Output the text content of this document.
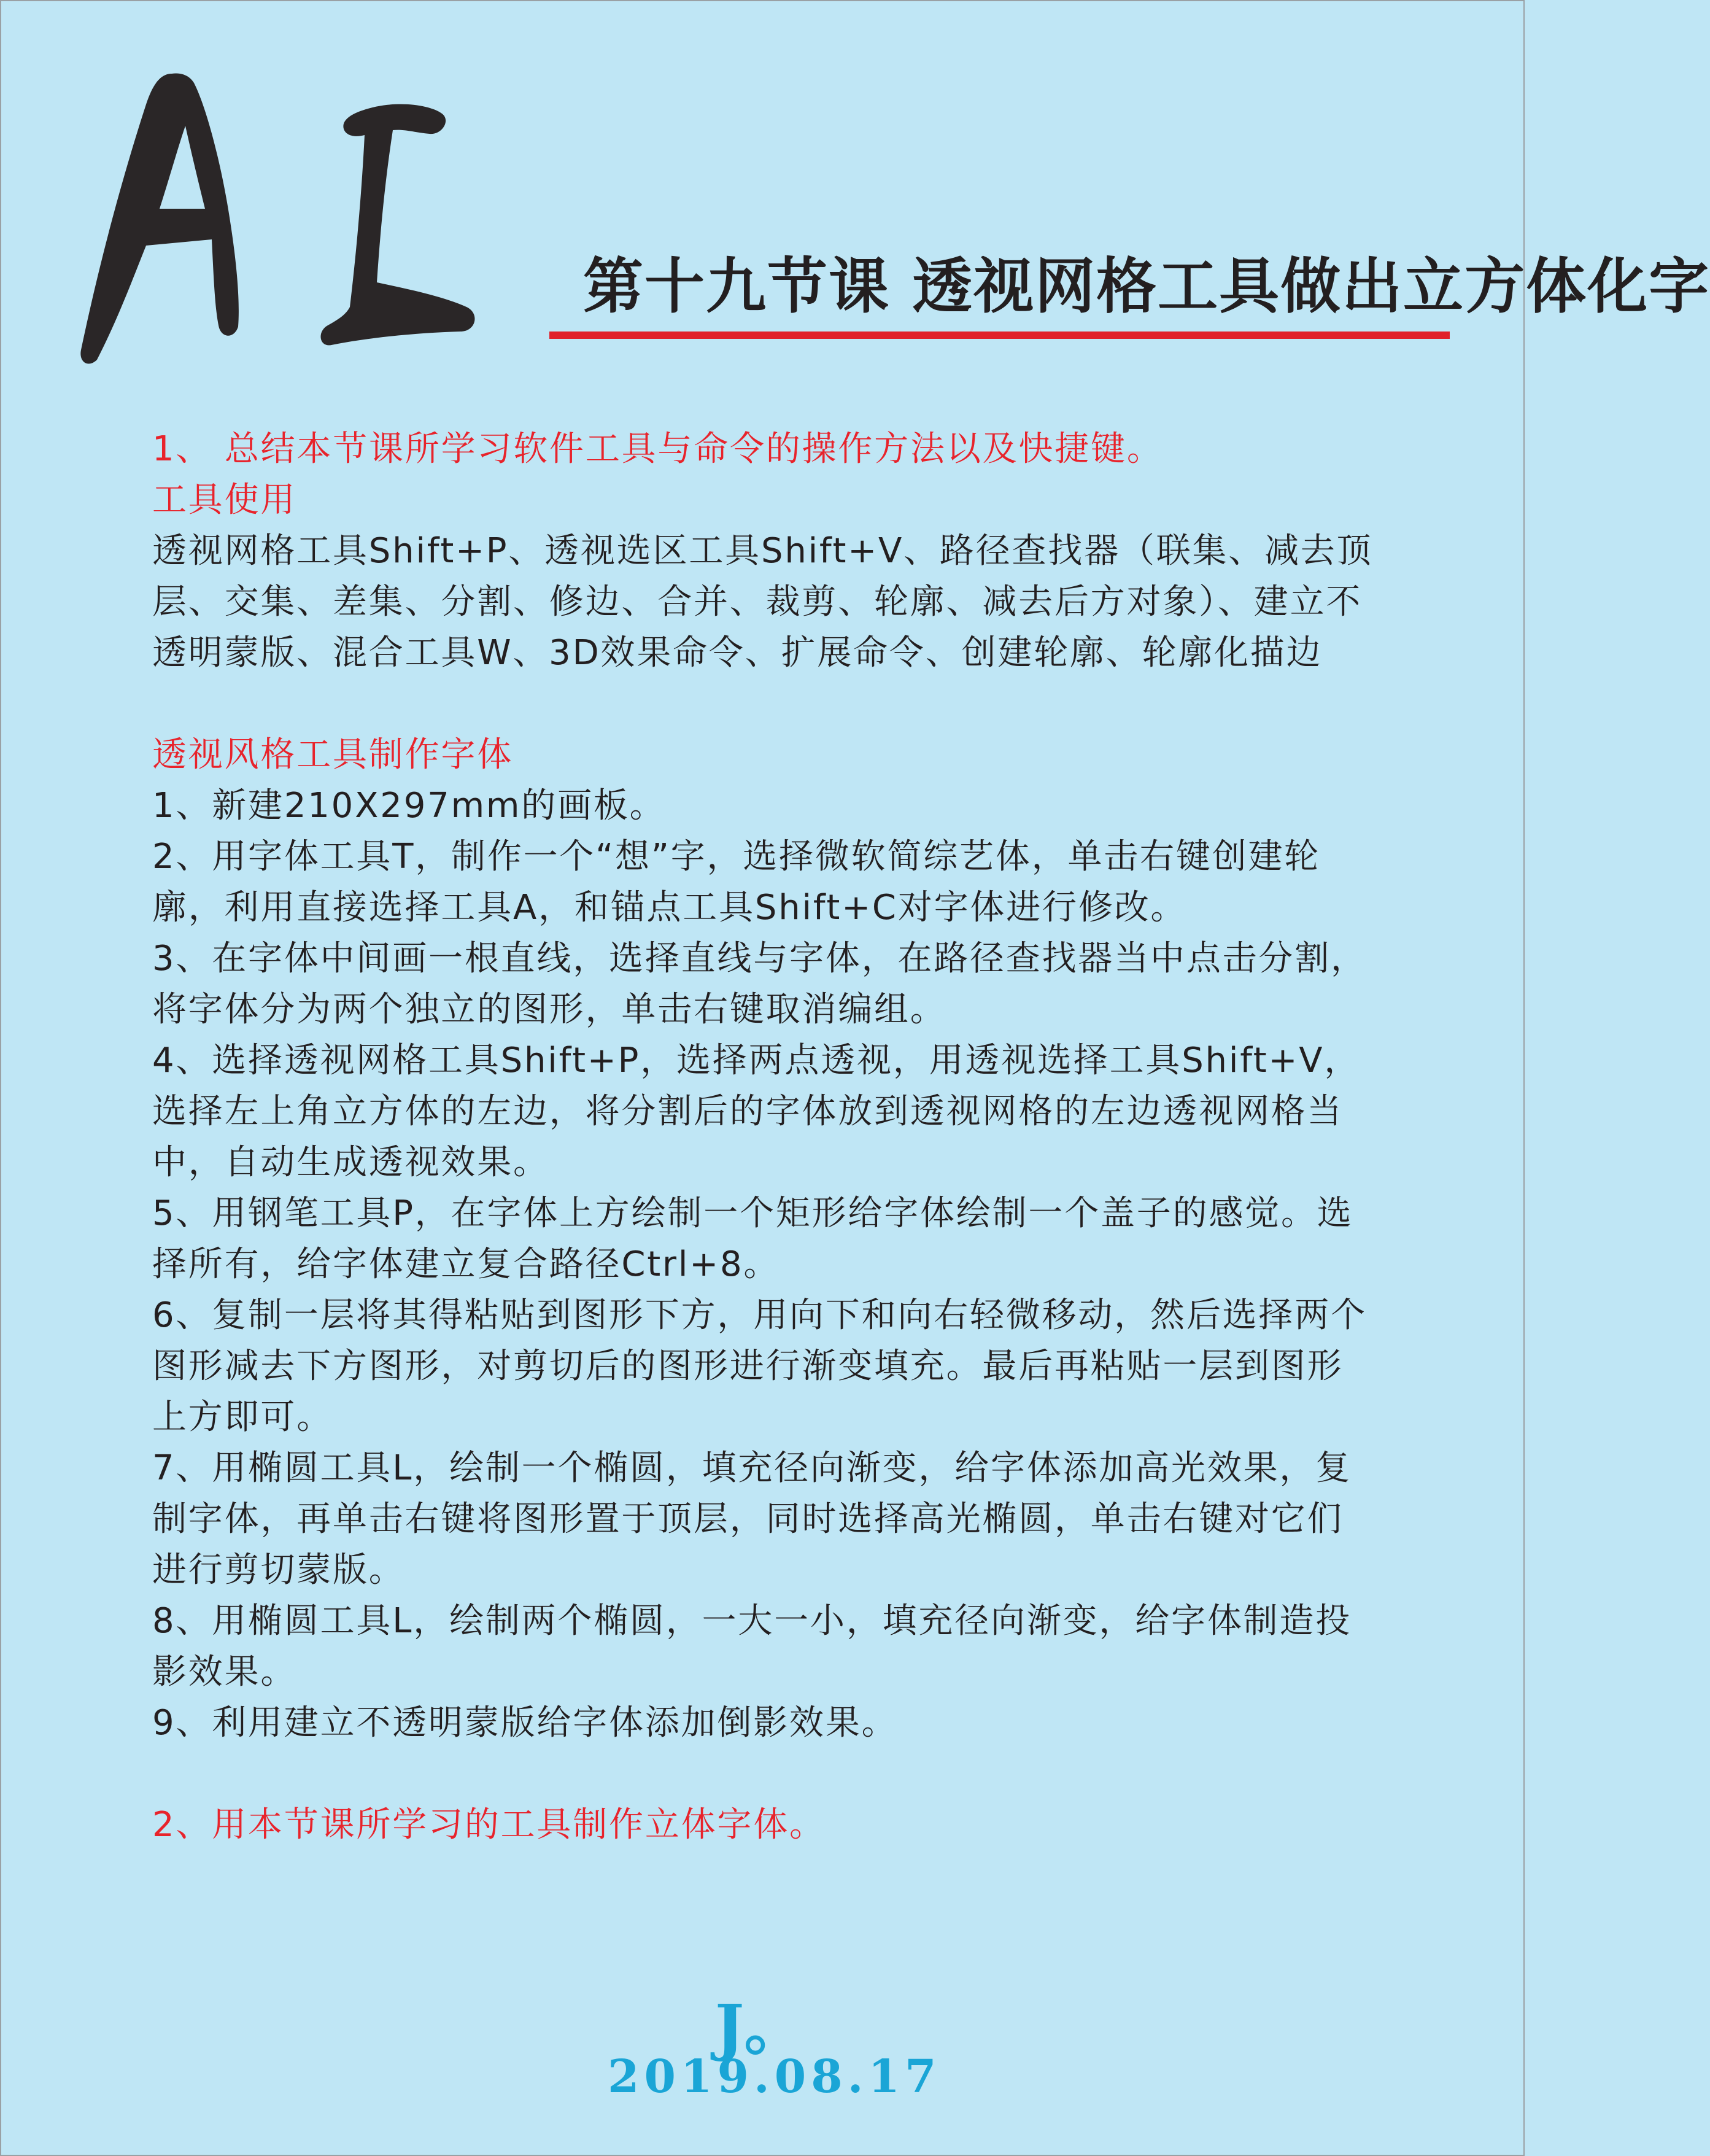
第十九节课 透视网格工具做出立方体化字

1、 总结本节课所学习软件工具与命令的操作方法以及快捷键。

工具使用

透视网格工具Shift+P、透视选区工具Shift+V、路径查找器（联集、减去顶层、交集、差集、分割、修边、合并、裁剪、轮廓、减去后方对象）、建立不透明蒙版、混合工具W、3D效果命令、扩展命令、创建轮廓、轮廓化描边

透视风格工具制作字体

1、新建210X297mm的画板。

2、用字体工具T，制作一个“想”字，选择微软简综艺体，单击右键创建轮廓，利用直接选择工具A，和锚点工具Shift+C对字体进行修改。

3、在字体中间画一根直线，选择直线与字体，在路径查找器当中点击分割，将字体分为两个独立的图形，单击右键取消编组。

4、选择透视网格工具Shift+P，选择两点透视，用透视选择工具Shift+V，选择左上角立方体的左边，将分割后的字体放到透视网格的左边透视网格当中，自动生成透视效果。

5、用钢笔工具P，在字体上方绘制一个矩形给字体绘制一个盖子的感觉。选择所有，给字体建立复合路径Ctrl+8。

6、复制一层将其得粘贴到图形下方，用向下和向右轻微移动，然后选择两个图形减去下方图形，对剪切后的图形进行渐变填充。最后再粘贴一层到图形上方即可。

7、用椭圆工具L，绘制一个椭圆，填充径向渐变，给字体添加高光效果，复制字体，再单击右键将图形置于顶层，同时选择高光椭圆，单击右键对它们进行剪切蒙版。

8、用椭圆工具L，绘制两个椭圆，一大一小，填充径向渐变，给字体制造投影效果。

9、利用建立不透明蒙版给字体添加倒影效果。

2、用本节课所学习的工具制作立体字体。

J。
2019.08.17
